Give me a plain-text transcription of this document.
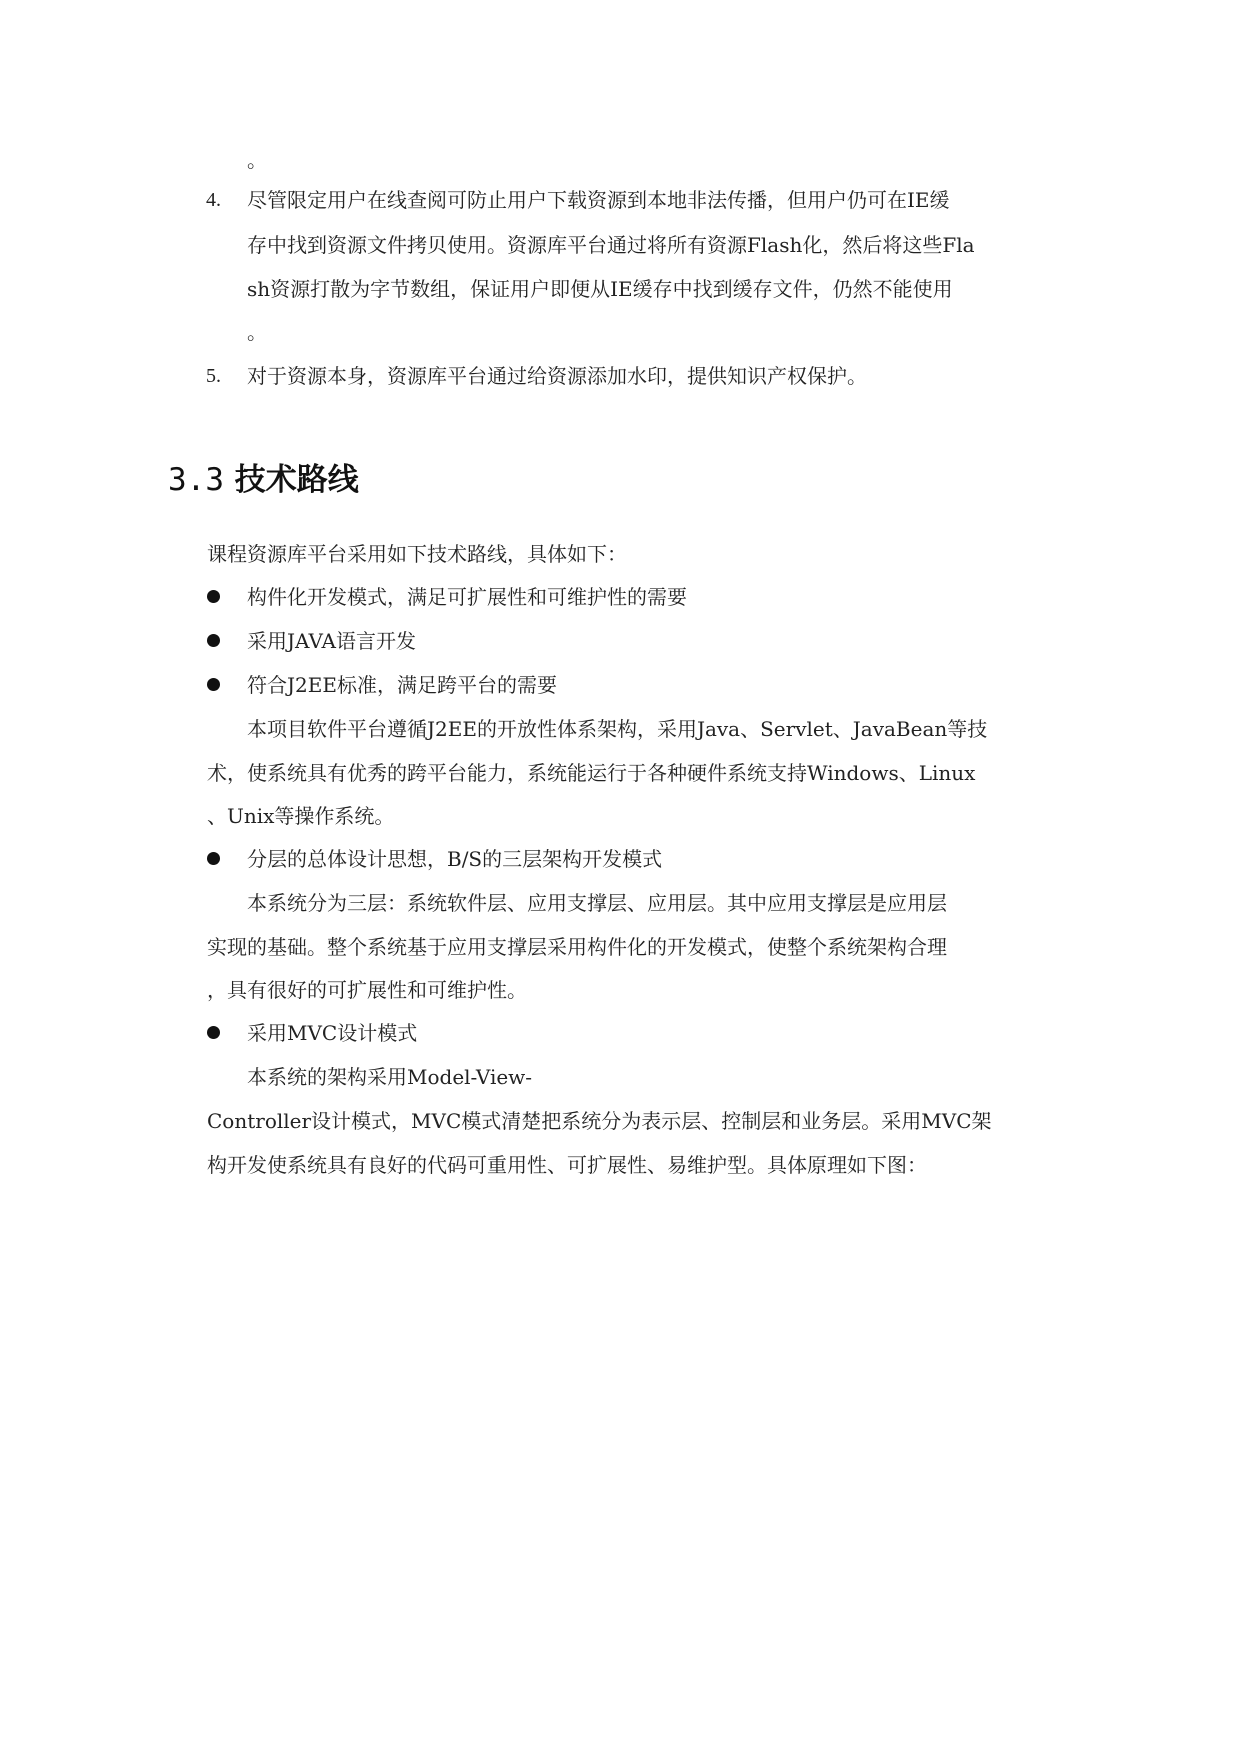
。
4. 尽管限定用户在线查阅可防止用户下载资源到本地非法传播，但用户仍可在IE缓
存中找到资源文件拷贝使用。资源库平台通过将所有资源Flash化，然后将这些Fla
sh资源打散为字节数组，保证用户即便从IE缓存中找到缓存文件，仍然不能使用
。
5. 对于资源本身，资源库平台通过给资源添加水印，提供知识产权保护。
3.3 技术路线
课程资源库平台采用如下技术路线，具体如下：
构件化开发模式，满足可扩展性和可维护性的需要
采用JAVA语言开发
符合J2EE标准，满足跨平台的需要
本项目软件平台遵循J2EE的开放性体系架构，采用Java、Servlet、JavaBean等技
术，使系统具有优秀的跨平台能力，系统能运行于各种硬件系统支持Windows、Linux
、Unix等操作系统。
分层的总体设计思想，B/S的三层架构开发模式
本系统分为三层：系统软件层、应用支撑层、应用层。其中应用支撑层是应用层
实现的基础。整个系统基于应用支撑层采用构件化的开发模式，使整个系统架构合理
，具有很好的可扩展性和可维护性。
采用MVC设计模式
本系统的架构采用Model-View-
Controller设计模式，MVC模式清楚把系统分为表示层、控制层和业务层。采用MVC架
构开发使系统具有良好的代码可重用性、可扩展性、易维护型。具体原理如下图：
